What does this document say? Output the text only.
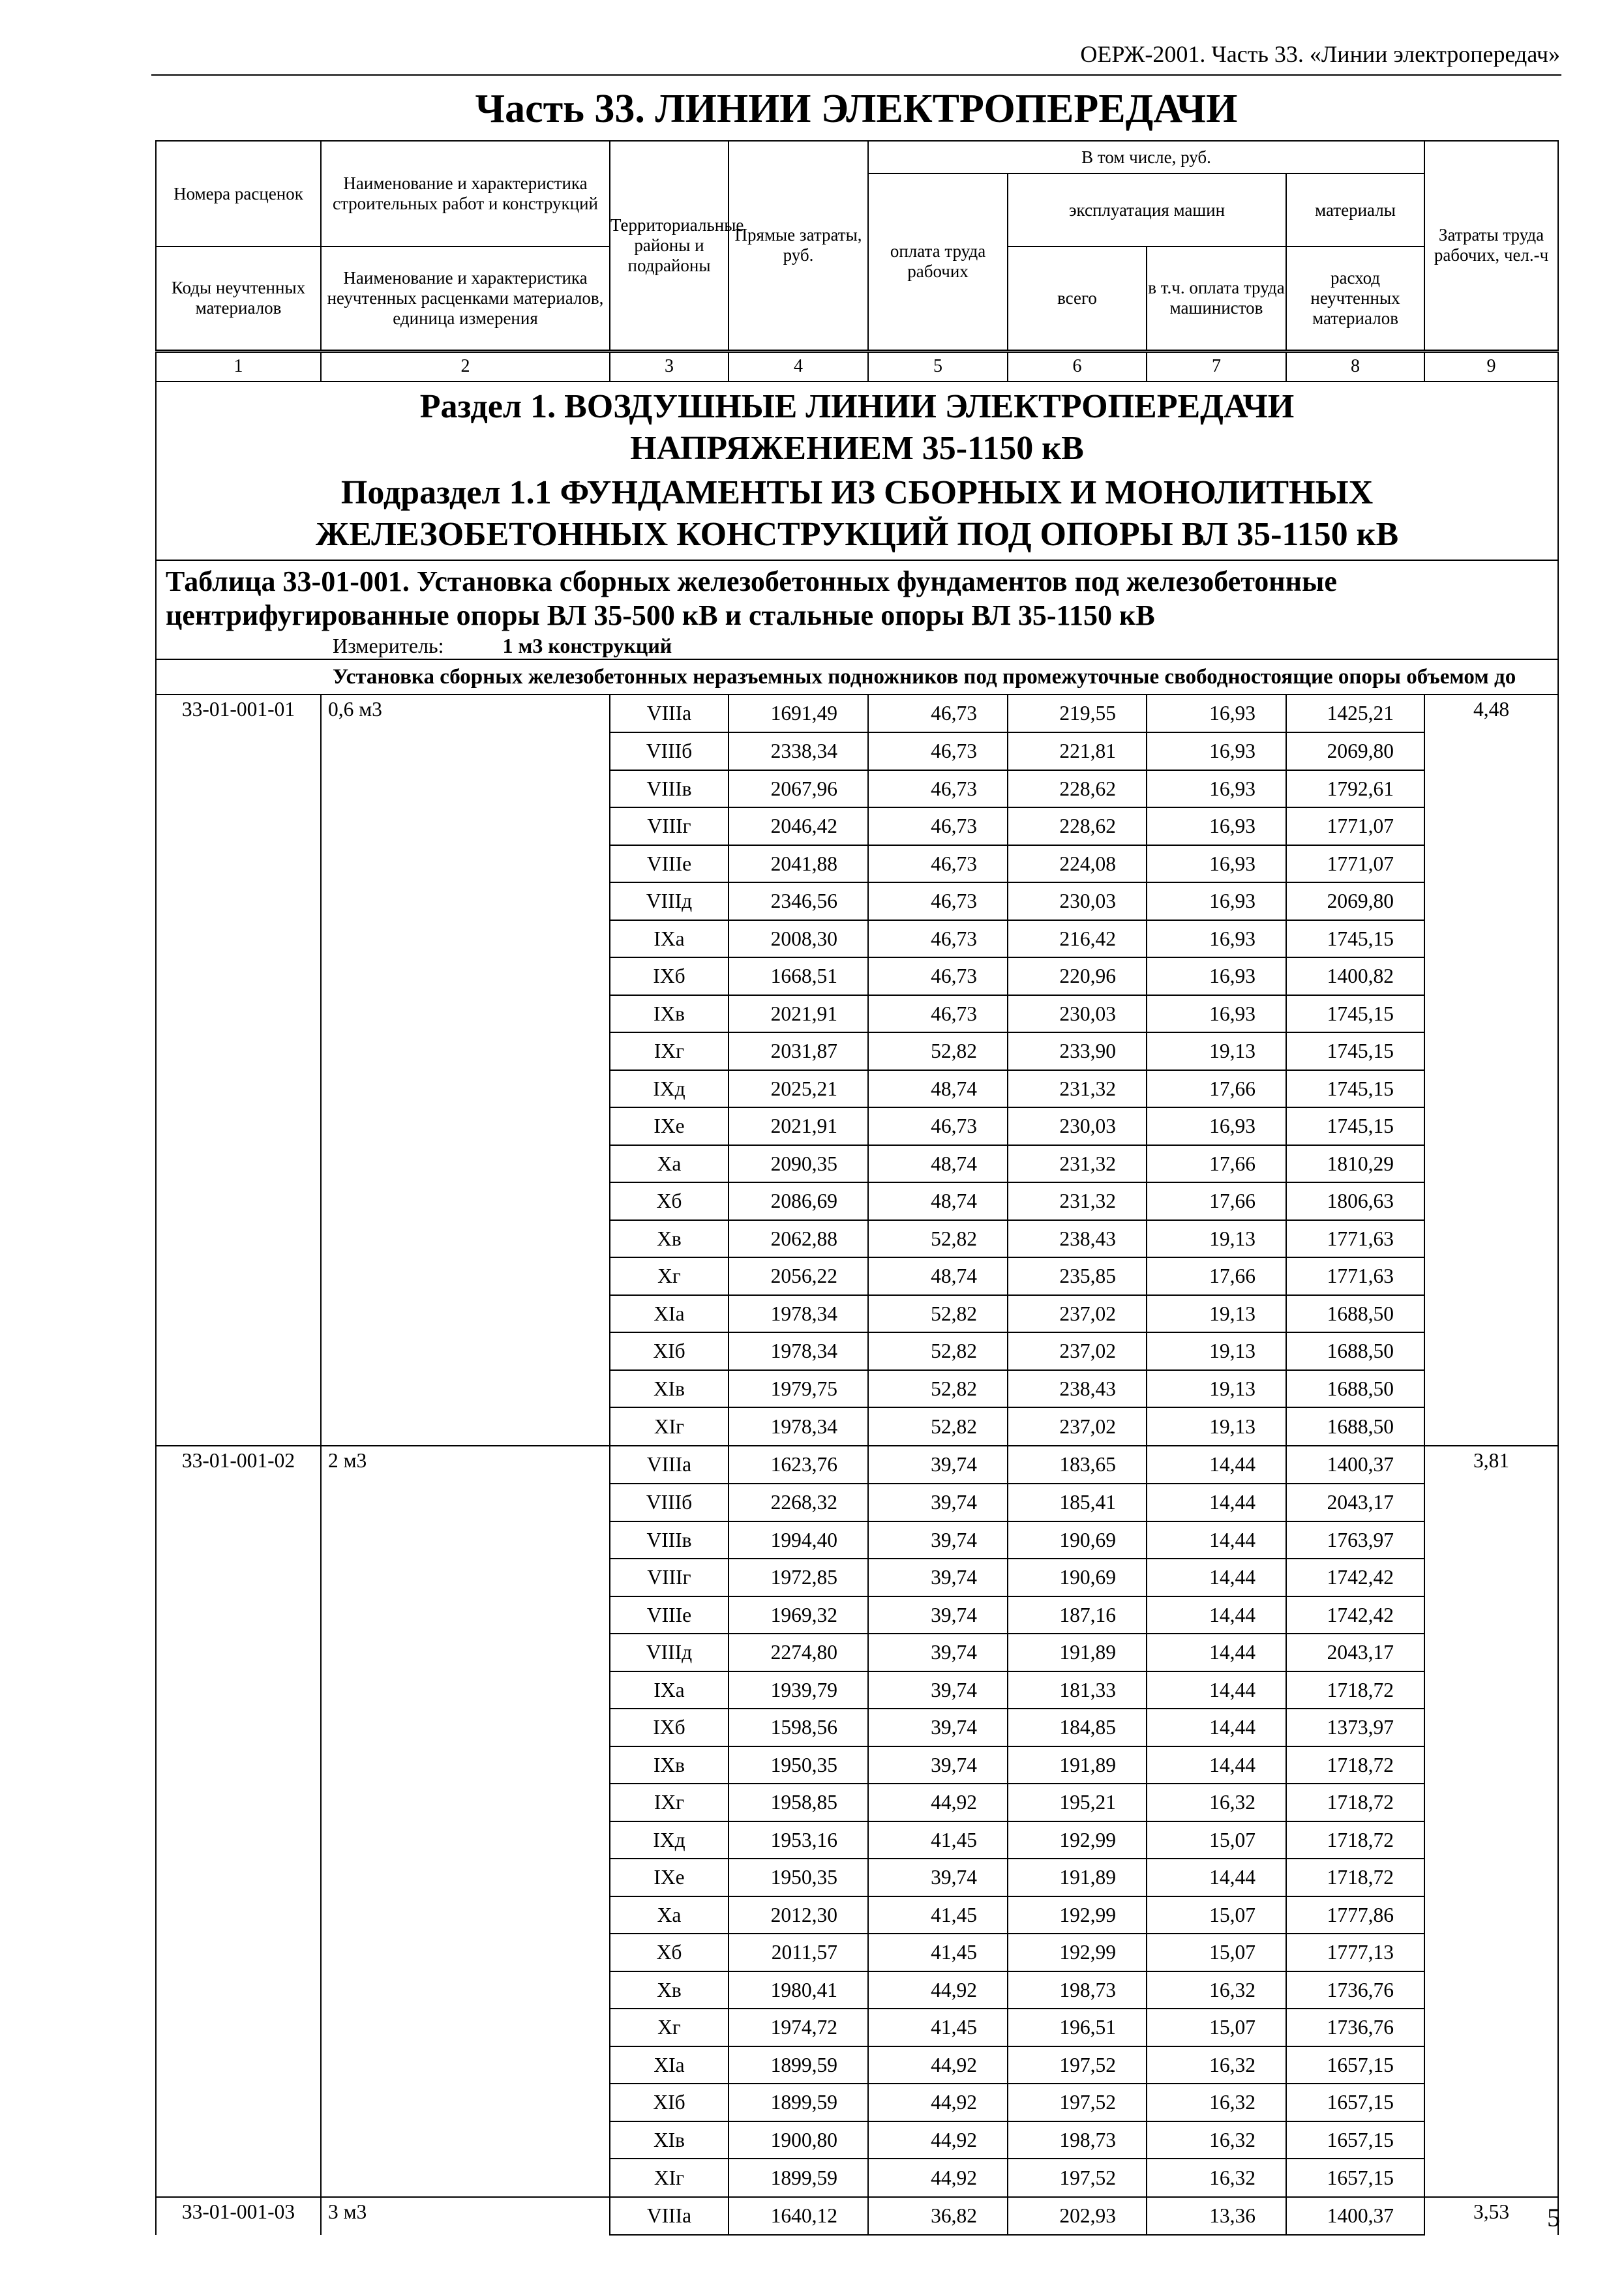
ОЕРЖ-2001. Часть 33. «Линии электропередач»
Часть 33. ЛИНИИ ЭЛЕКТРОПЕРЕДАЧИ
Номера расценок	Наименование и характеристика строительных работ и конструкций	Территориальные районы и подрайоны	Прямые затраты, руб.	В том числе, руб.				Затраты труда рабочих, чел.-ч
				оплата труда рабочих	эксплуатация машин		материалы	
Коды неучтенных материалов	Наименование и характеристика неучтенных расценками материалов, единица измерения				всего	в т.ч. оплата труда машинистов	расход неучтенных материалов	
1	2	3	4	5	6	7	8	9

Раздел 1. ВОЗДУШНЫЕ ЛИНИИ ЭЛЕКТРОПЕРЕДАЧИ НАПРЯЖЕНИЕМ 35-1150 кВ
Подраздел 1.1 ФУНДАМЕНТЫ ИЗ СБОРНЫХ И МОНОЛИТНЫХ ЖЕЛЕЗОБЕТОННЫХ КОНСТРУКЦИЙ ПОД ОПОРЫ ВЛ 35-1150 кВ								

Таблица 33-01-001. Установка сборных железобетонных фундаментов под железобетонные центрифугированные опоры ВЛ 35-500 кВ и стальные опоры ВЛ 35-1150 кВ
Измеритель: 1 м3 конструкций								

Установка сборных железобетонных неразъемных подножников под промежуточные свободностоящие опоры объемом до								
33-01-001-01	0,6 м3	VIIIа	1691,49	46,73	219,55	16,93	1425,21	4,48
		VIIIб	2338,34	46,73	221,81	16,93	2069,80	
		VIIIв	2067,96	46,73	228,62	16,93	1792,61	
		VIIIг	2046,42	46,73	228,62	16,93	1771,07	
		VIIIе	2041,88	46,73	224,08	16,93	1771,07	
		VIIIд	2346,56	46,73	230,03	16,93	2069,80	
		IXа	2008,30	46,73	216,42	16,93	1745,15	
		IXб	1668,51	46,73	220,96	16,93	1400,82	
		IXв	2021,91	46,73	230,03	16,93	1745,15	
		IXг	2031,87	52,82	233,90	19,13	1745,15	
		IXд	2025,21	48,74	231,32	17,66	1745,15	
		IXе	2021,91	46,73	230,03	16,93	1745,15	
		Xа	2090,35	48,74	231,32	17,66	1810,29	
		Xб	2086,69	48,74	231,32	17,66	1806,63	
		Xв	2062,88	52,82	238,43	19,13	1771,63	
		Xг	2056,22	48,74	235,85	17,66	1771,63	
		XIа	1978,34	52,82	237,02	19,13	1688,50	
		XIб	1978,34	52,82	237,02	19,13	1688,50	
		XIв	1979,75	52,82	238,43	19,13	1688,50	
		XIг	1978,34	52,82	237,02	19,13	1688,50	
33-01-001-02	2 м3	VIIIа	1623,76	39,74	183,65	14,44	1400,37	3,81
		VIIIб	2268,32	39,74	185,41	14,44	2043,17	
		VIIIв	1994,40	39,74	190,69	14,44	1763,97	
		VIIIг	1972,85	39,74	190,69	14,44	1742,42	
		VIIIе	1969,32	39,74	187,16	14,44	1742,42	
		VIIIд	2274,80	39,74	191,89	14,44	2043,17	
		IXа	1939,79	39,74	181,33	14,44	1718,72	
		IXб	1598,56	39,74	184,85	14,44	1373,97	
		IXв	1950,35	39,74	191,89	14,44	1718,72	
		IXг	1958,85	44,92	195,21	16,32	1718,72	
		IXд	1953,16	41,45	192,99	15,07	1718,72	
		IXе	1950,35	39,74	191,89	14,44	1718,72	
		Xа	2012,30	41,45	192,99	15,07	1777,86	
		Xб	2011,57	41,45	192,99	15,07	1777,13	
		Xв	1980,41	44,92	198,73	16,32	1736,76	
		Xг	1974,72	41,45	196,51	15,07	1736,76	
		XIа	1899,59	44,92	197,52	16,32	1657,15	
		XIб	1899,59	44,92	197,52	16,32	1657,15	
		XIв	1900,80	44,92	198,73	16,32	1657,15	
		XIг	1899,59	44,92	197,52	16,32	1657,15	
33-01-001-03	3 м3	VIIIа	1640,12	36,82	202,93	13,36	1400,37	3,53 5
